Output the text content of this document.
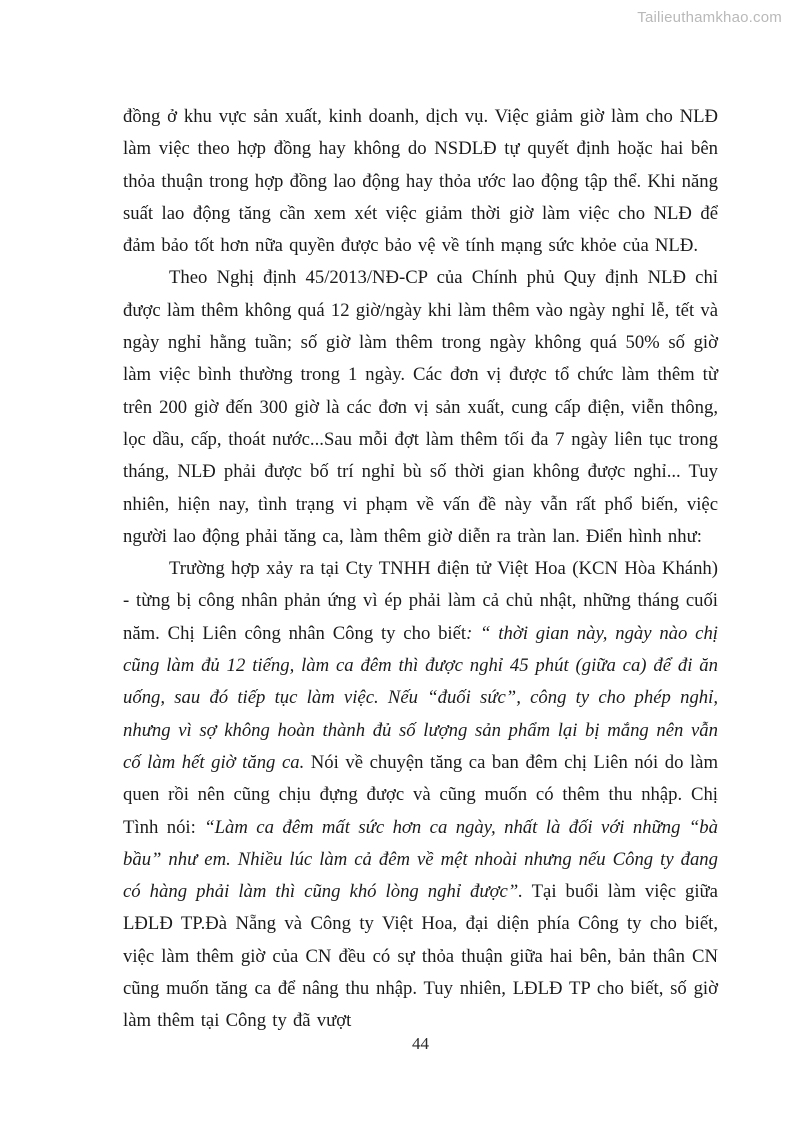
Tailieuthamkhao.com

đồng ở khu vực sản xuất, kinh doanh, dịch vụ. Việc giảm giờ làm cho NLĐ làm việc theo hợp đồng hay không do NSDLĐ tự quyết định hoặc hai bên thỏa thuận trong hợp đồng lao động hay thỏa ước lao động tập thể. Khi năng suất lao động tăng cần xem xét việc giảm thời giờ làm việc cho NLĐ để đảm bảo tốt hơn nữa quyền được bảo vệ về tính mạng sức khỏe của NLĐ.

Theo Nghị định 45/2013/NĐ-CP của Chính phủ Quy định NLĐ chỉ được làm thêm không quá 12 giờ/ngày khi làm thêm vào ngày nghỉ lễ, tết và ngày nghỉ hằng tuần; số giờ làm thêm trong ngày không quá 50% số giờ làm việc bình thường trong 1 ngày. Các đơn vị được tổ chức làm thêm từ trên 200 giờ đến 300 giờ là các đơn vị sản xuất, cung cấp điện, viễn thông, lọc dầu, cấp, thoát nước...Sau mỗi đợt làm thêm tối đa 7 ngày liên tục trong tháng, NLĐ phải được bố trí nghỉ bù số thời gian không được nghỉ... Tuy nhiên, hiện nay, tình trạng vi phạm về vấn đề này vẫn rất phổ biến, việc người lao động phải tăng ca, làm thêm giờ diễn ra tràn lan. Điển hình như:

Trường hợp xảy ra tại Cty TNHH điện tử Việt Hoa (KCN Hòa Khánh) - từng bị công nhân phản ứng vì ép phải làm cả chủ nhật, những tháng cuối năm. Chị Liên công nhân Công ty cho biết: “ thời gian này, ngày nào chị cũng làm đủ 12 tiếng, làm ca đêm thì được nghỉ 45 phút (giữa ca) để đi ăn uống, sau đó tiếp tục làm việc. Nếu “đuối sức”, công ty cho phép nghỉ, nhưng vì sợ không hoàn thành đủ số lượng sản phẩm lại bị mắng nên vẫn cố làm hết giờ tăng ca. Nói về chuyện tăng ca ban đêm chị Liên nói do làm quen rồi nên cũng chịu đựng được và cũng muốn có thêm thu nhập. Chị Tình nói: “Làm ca đêm mất sức hơn ca ngày, nhất là đối với những “bà bầu” như em. Nhiều lúc làm cả đêm về mệt nhoài nhưng nếu Công ty đang có hàng phải làm thì cũng khó lòng nghỉ được”. Tại buổi làm việc giữa LĐLĐ TP.Đà Nẵng và Công ty Việt Hoa, đại diện phía Công ty cho biết, việc làm thêm giờ của CN đều có sự thỏa thuận giữa hai bên, bản thân CN cũng muốn tăng ca để nâng thu nhập. Tuy nhiên, LĐLĐ TP cho biết, số giờ làm thêm tại Công ty đã vượt

44
